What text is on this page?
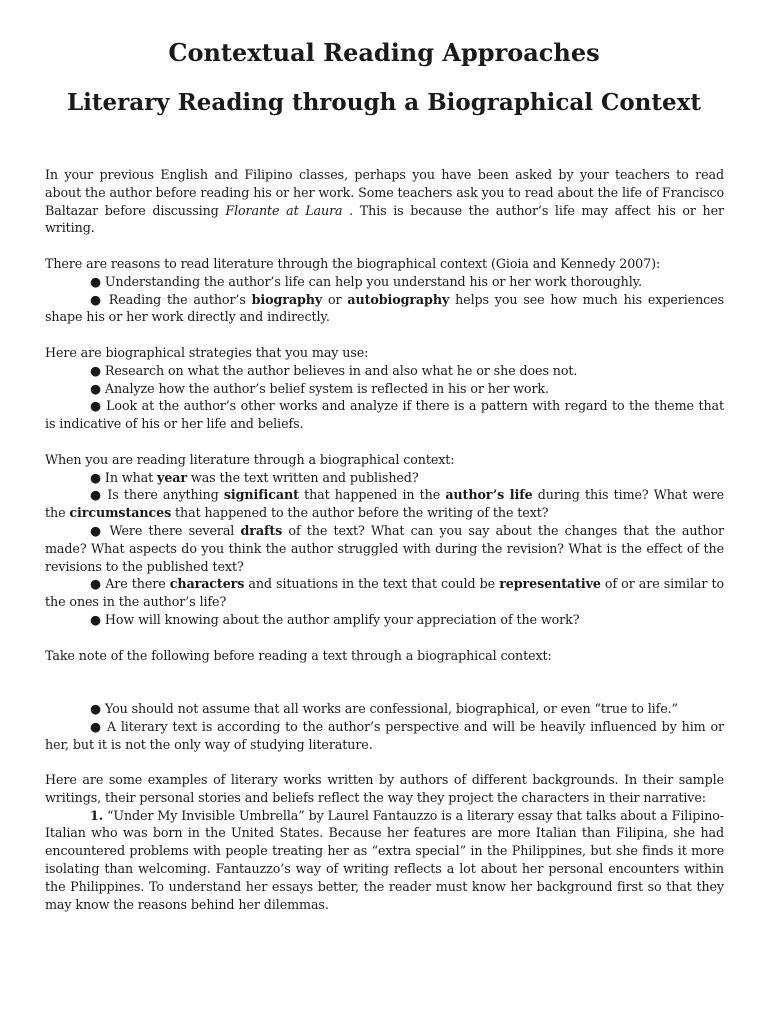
Contextual Reading Approaches
Literary Reading through a Biographical Context

In your previous English and Filipino classes, perhaps you have been asked by your teachers to read about the author before reading his or her work. Some teachers ask you to read about the life of Francisco Baltazar before discussing Florante at Laura . This is because the author’s life may affect his or her writing.

There are reasons to read literature through the biographical context (Gioia and Kennedy 2007):

● Understanding the author’s life can help you understand his or her work thoroughly.

● Reading the author’s biography or autobiography helps you see how much his experiences shape his or her work directly and indirectly.

Here are biographical strategies that you may use:

● Research on what the author believes in and also what he or she does not.

● Analyze how the author’s belief system is reflected in his or her work.

● Look at the author’s other works and analyze if there is a pattern with regard to the theme that is indicative of his or her life and beliefs.

When you are reading literature through a biographical context:

● In what year was the text written and published?

● Is there anything significant that happened in the author’s life during this time? What were the circumstances that happened to the author before the writing of the text?

● Were there several drafts of the text? What can you say about the changes that the author made? What aspects do you think the author struggled with during the revision? What is the effect of the revisions to the published text?

● Are there characters and situations in the text that could be representative of or are similar to the ones in the author’s life?

● How will knowing about the author amplify your appreciation of the work?

Take note of the following before reading a text through a biographical context:

● You should not assume that all works are confessional, biographical, or even “true to life.”

● A literary text is according to the author’s perspective and will be heavily influenced by him or her, but it is not the only way of studying literature.

Here are some examples of literary works written by authors of different backgrounds. In their sample writings, their personal stories and beliefs reflect the way they project the characters in their narrative:

1. “Under My Invisible Umbrella” by Laurel Fantauzzo is a literary essay that talks about a Filipino-Italian who was born in the United States. Because her features are more Italian than Filipina, she had encountered problems with people treating her as “extra special” in the Philippines, but she finds it more isolating than welcoming. Fantauzzo’s way of writing reflects a lot about her personal encounters within the Philippines. To understand her essays better, the reader must know her background first so that they may know the reasons behind her dilemmas.
